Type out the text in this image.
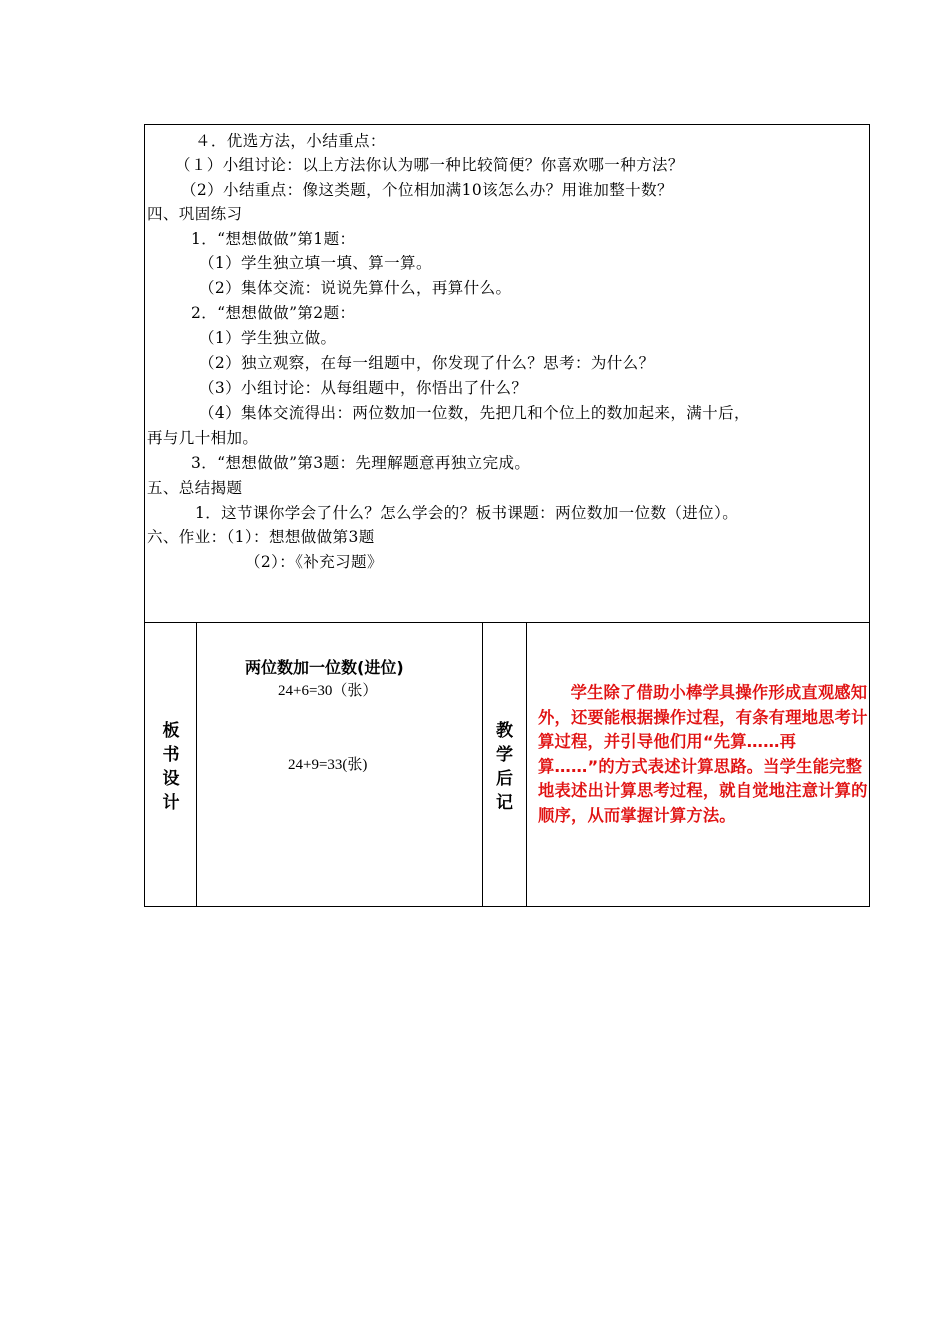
４．优选方法，小结重点：
（１）小组讨论：以上方法你认为哪一种比较简便？你喜欢哪一种方法？
（2）小结重点：像这类题，个位相加满10该怎么办？用谁加整十数？
四、巩固练习
1．“想想做做”第1题：
（1）学生独立填一填、算一算。
（2）集体交流：说说先算什么，再算什么。
2．“想想做做”第2题：
（1）学生独立做。
（2）独立观察，在每一组题中，你发现了什么？思考：为什么？
（3）小组讨论：从每组题中，你悟出了什么？
（4）集体交流得出：两位数加一位数，先把几和个位上的数加起来，满十后，
再与几十相加。
3．“想想做做”第3题：先理解题意再独立完成。
五、总结揭题
1．这节课你学会了什么？怎么学会的？板书课题：两位数加一位数（进位）。
六、作业：（1）：想想做做第3题
（2）：《补充习题》
板
书
设
计
两位数加一位数(进位)
24+6=30（张）
24+9=33(张)
教
学
后
记
学生除了借助小棒学具操作形成直观感知外，还要能根据操作过程，有条有理地思考计算过程，并引导他们用“先算……再算……”的方式表述计算思路。当学生能完整地表述出计算思考过程，就自觉地注意计算的顺序，从而掌握计算方法。
